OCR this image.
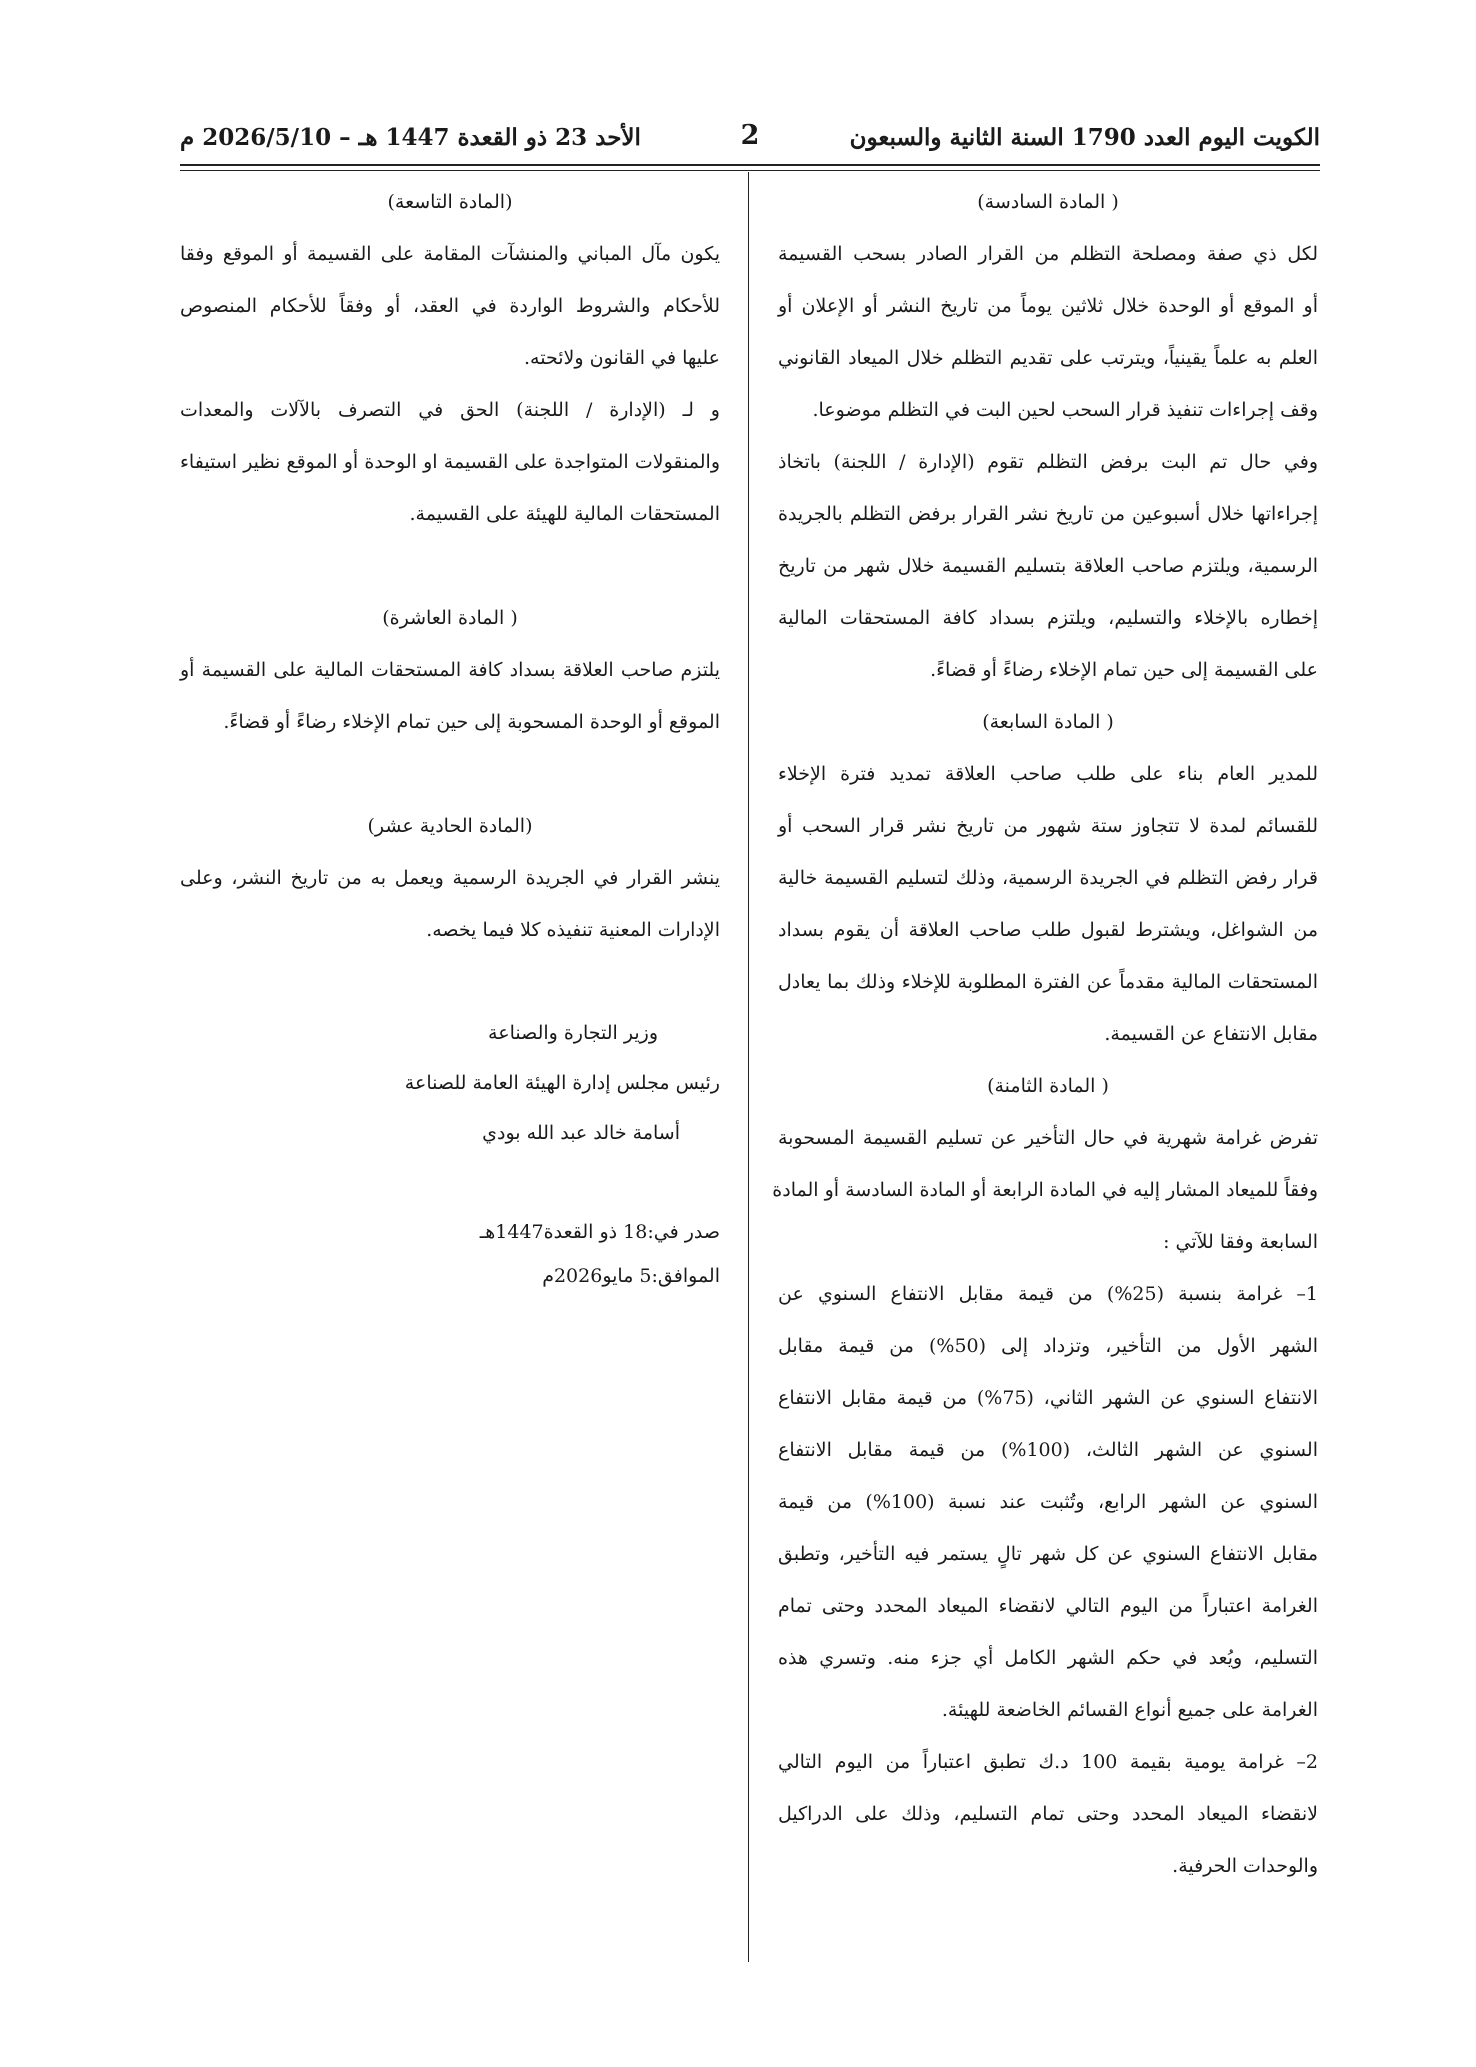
الكويت اليوم العدد 1790 السنة الثانية والسبعون
2
الأحد 23 ذو القعدة 1447 هـ – 2026/5/10 م
( المادة السادسة)
لكل ذي صفة ومصلحة التظلم من القرار الصادر بسحب القسيمة
أو الموقع أو الوحدة خلال ثلاثين يوماً من تاريخ النشر أو الإعلان أو
العلم به علماً يقينياً، ويترتب على تقديم التظلم خلال الميعاد القانوني
وقف إجراءات تنفيذ قرار السحب لحين البت في التظلم موضوعا.
وفي حال تم البت برفض التظلم تقوم (الإدارة / اللجنة) باتخاذ
إجراءاتها خلال أسبوعين من تاريخ نشر القرار برفض التظلم بالجريدة
الرسمية، ويلتزم صاحب العلاقة بتسليم القسيمة خلال شهر من تاريخ
إخطاره بالإخلاء والتسليم، ويلتزم بسداد كافة المستحقات المالية
على القسيمة إلى حين تمام الإخلاء رضاءً أو قضاءً.
( المادة السابعة)
للمدير العام بناء على طلب صاحب العلاقة تمديد فترة الإخلاء
للقسائم لمدة لا تتجاوز ستة شهور من تاريخ نشر قرار السحب أو
قرار رفض التظلم في الجريدة الرسمية، وذلك لتسليم القسيمة خالية
من الشواغل، ويشترط لقبول طلب صاحب العلاقة أن يقوم بسداد
المستحقات المالية مقدماً عن الفترة المطلوبة للإخلاء وذلك بما يعادل
مقابل الانتفاع عن القسيمة.
( المادة الثامنة)
تفرض غرامة شهرية في حال التأخير عن تسليم القسيمة المسحوبة
وفقاً للميعاد المشار إليه في المادة الرابعة أو المادة السادسة أو المادة
السابعة وفقا للآتي :
1– غرامة بنسبة (25%) من قيمة مقابل الانتفاع السنوي عن
الشهر الأول من التأخير، وتزداد إلى (50%) من قيمة مقابل
الانتفاع السنوي عن الشهر الثاني، (75%) من قيمة مقابل الانتفاع
السنوي عن الشهر الثالث، (100%) من قيمة مقابل الانتفاع
السنوي عن الشهر الرابع، وتُثبت عند نسبة (100%) من قيمة
مقابل الانتفاع السنوي عن كل شهر تالٍ يستمر فيه التأخير، وتطبق
الغرامة اعتباراً من اليوم التالي لانقضاء الميعاد المحدد وحتى تمام
التسليم، ويُعد في حكم الشهر الكامل أي جزء منه. وتسري هذه
الغرامة على جميع أنواع القسائم الخاضعة للهيئة.
2– غرامة يومية بقيمة 100 د.ك تطبق اعتباراً من اليوم التالي
لانقضاء الميعاد المحدد وحتى تمام التسليم، وذلك على الدراكيل
والوحدات الحرفية.
(المادة التاسعة)
يكون مآل المباني والمنشآت المقامة على القسيمة أو الموقع وفقا
للأحكام والشروط الواردة في العقد، أو وفقاً للأحكام المنصوص
عليها في القانون ولائحته.
و لـ (الإدارة / اللجنة) الحق في التصرف بالآلات والمعدات
والمنقولات المتواجدة على القسيمة او الوحدة أو الموقع نظير استيفاء
المستحقات المالية للهيئة على القسيمة.
( المادة العاشرة)
يلتزم صاحب العلاقة بسداد كافة المستحقات المالية على القسيمة أو
الموقع أو الوحدة المسحوبة إلى حين تمام الإخلاء رضاءً أو قضاءً.
(المادة الحادية عشر)
ينشر القرار في الجريدة الرسمية ويعمل به من تاريخ النشر، وعلى
الإدارات المعنية تنفيذه كلا فيما يخصه.
وزير التجارة والصناعة
رئيس مجلس إدارة الهيئة العامة للصناعة
أسامة خالد عبد الله بودي
صدر في:18 ذو القعدة1447هـ
الموافق:5 مايو2026م
